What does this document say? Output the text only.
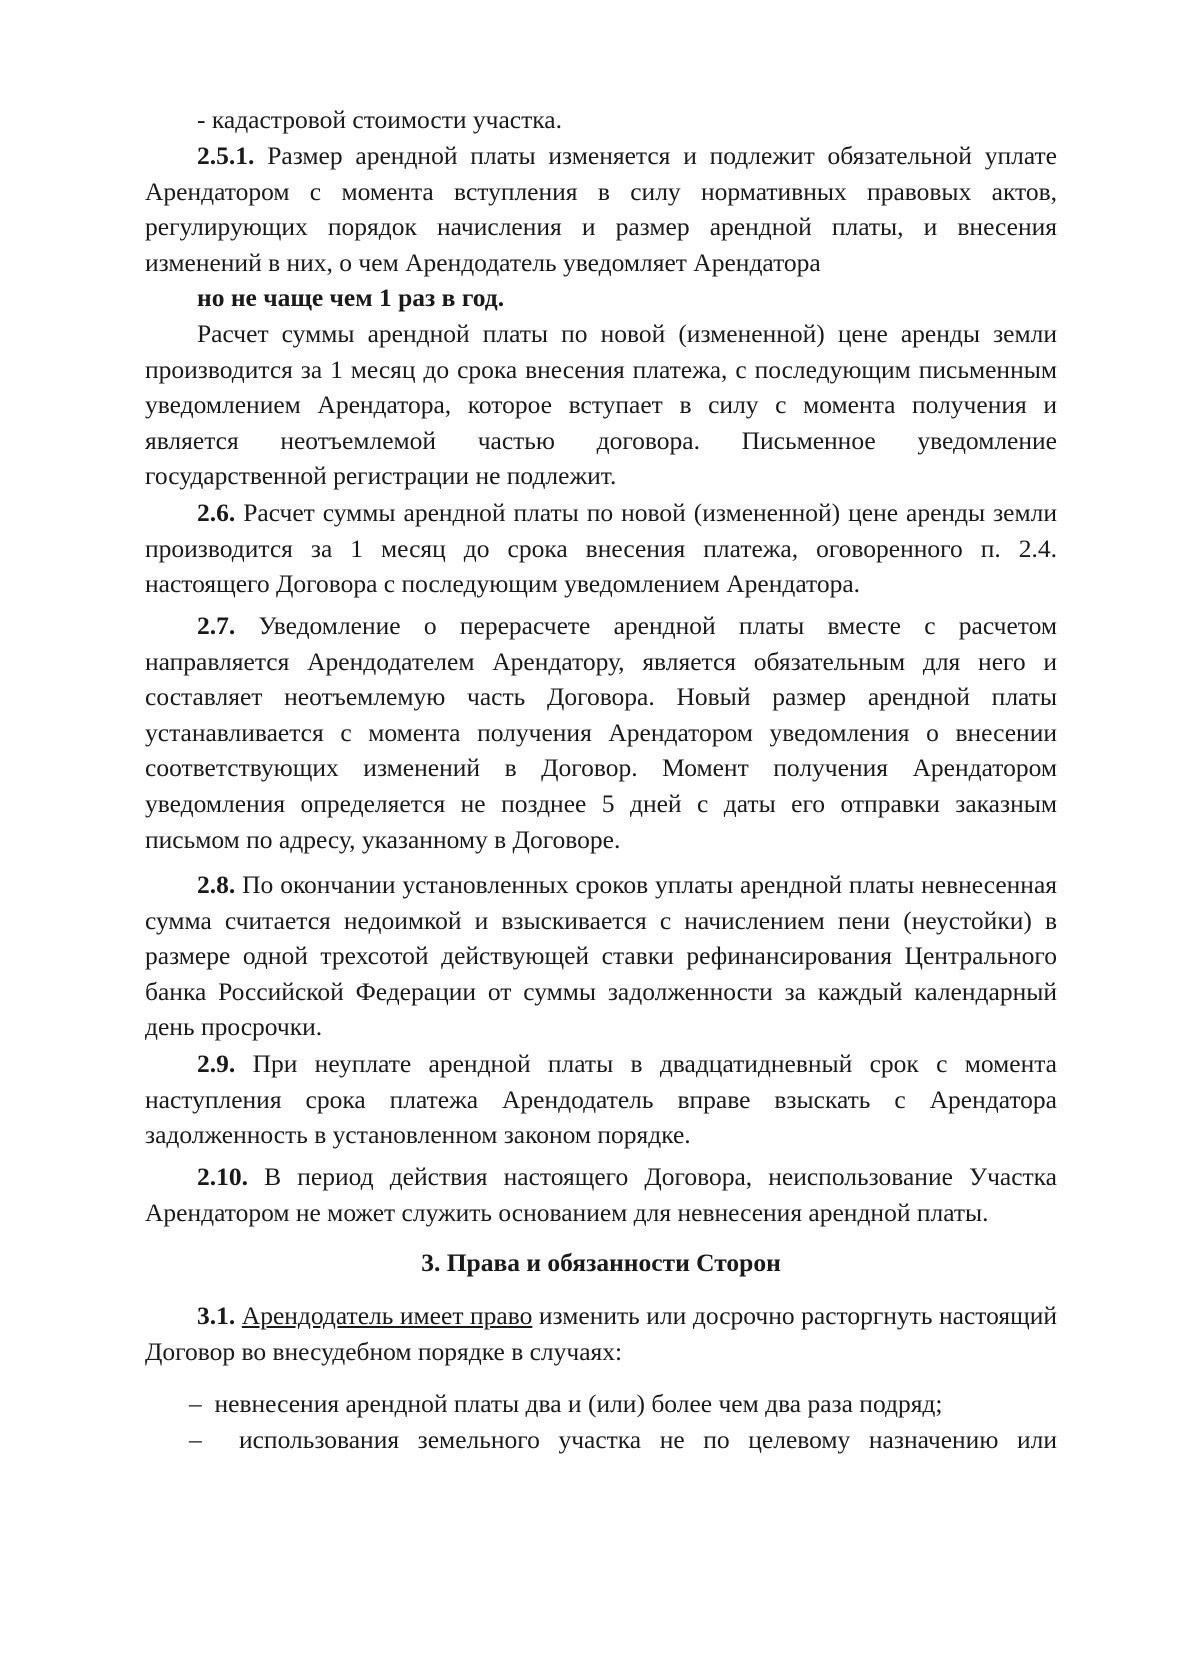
- кадастровой стоимости участка.

2.5.1. Размер арендной платы изменяется и подлежит обязательной уплате Арендатором с момента вступления в силу нормативных правовых актов, регулирующих порядок начисления и размер арендной платы, и внесения изменений в них, о чем Арендодатель уведомляет Арендатора

но не чаще чем 1 раз в год.

Расчет суммы арендной платы по новой (измененной) цене аренды земли производится за 1 месяц до срока внесения платежа, с последующим письменным уведомлением Арендатора, которое вступает в силу с момента получения и является неотъемлемой частью договора. Письменное уведомление государственной регистрации не подлежит.

2.6. Расчет суммы арендной платы по новой (измененной) цене аренды земли производится за 1 месяц до срока внесения платежа, оговоренного п. 2.4. настоящего Договора с последующим уведомлением Арендатора.

2.7. Уведомление о перерасчете арендной платы вместе с расчетом направляется Арендодателем Арендатору, является обязательным для него и составляет неотъемлемую часть Договора. Новый размер арендной платы устанавливается с момента получения Арендатором уведомления о внесении соответствующих изменений в Договор. Момент получения Арендатором уведомления определяется не позднее 5 дней с даты его отправки заказным письмом по адресу, указанному в Договоре.

2.8. По окончании установленных сроков уплаты арендной платы невнесенная сумма считается недоимкой и взыскивается с начислением пени (неустойки) в размере одной трехсотой действующей ставки рефинансирования Центрального банка Российской Федерации от суммы задолженности за каждый календарный день просрочки.

2.9. При неуплате арендной платы в двадцатидневный срок с момента наступления срока платежа Арендодатель вправе взыскать с Арендатора задолженность в установленном законом порядке.

2.10. В период действия настоящего Договора, неиспользование Участка Арендатором не может служить основанием для невнесения арендной платы.

3. Права и обязанности Сторон

3.1. Арендодатель имеет право изменить или досрочно расторгнуть настоящий Договор во внесудебном порядке в случаях:

– невнесения арендной платы два и (или) более чем два раза подряд;

– использования земельного участка не по целевому назначению или
